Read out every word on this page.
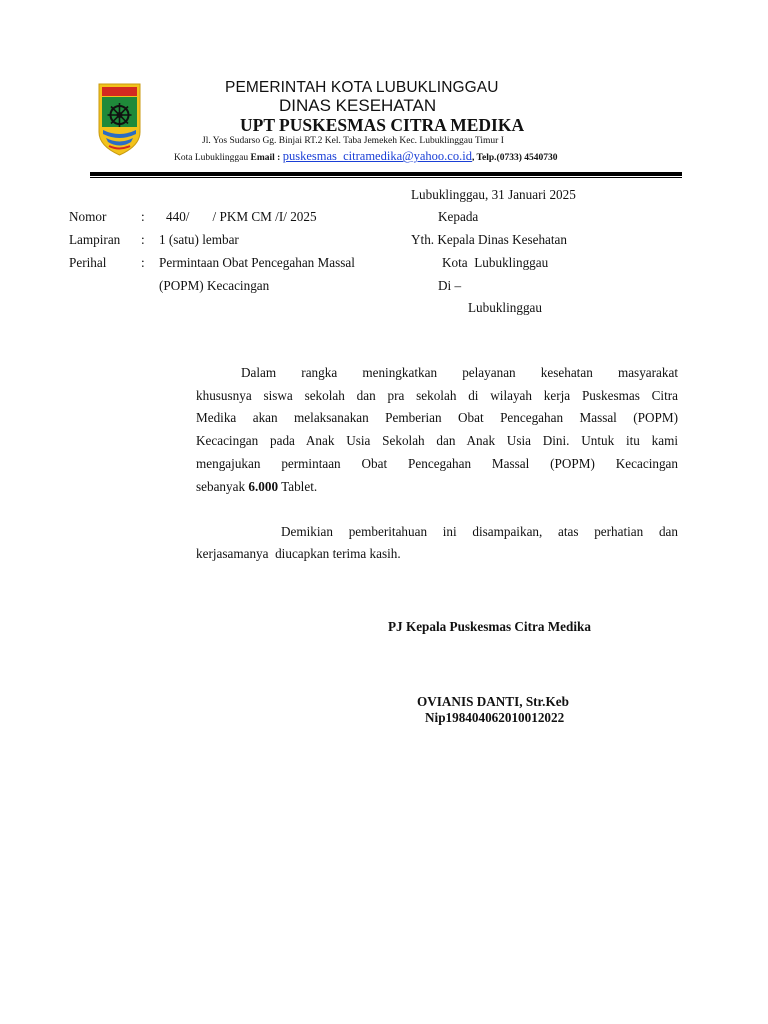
PEMERINTAH KOTA LUBUKLINGGAU
DINAS KESEHATAN
UPT PUSKESMAS CITRA MEDIKA
Jl. Yos Sudarso Gg. Binjai RT.2 Kel. Taba Jemekeh Kec. Lubuklinggau Timur I
Kota Lubuklinggau Email : puskesmas_citramedika@yahoo.co.id, Telp.(0733) 4540730
Lubuklinggau, 31 Januari 2025
Nomor	: 440/       / PKM CM /I/ 2025
Lampiran : 1 (satu) lembar
Perihal	: Permintaan Obat Pencegahan Massal
(POPM) Kecacingan
Kepada
Yth. Kepala Dinas Kesehatan
Kota  Lubuklinggau
Di –
Lubuklinggau
Dalam rangka meningkatkan pelayanan kesehatan masyarakat
khususnya siswa sekolah dan pra sekolah di wilayah kerja Puskesmas Citra
Medika akan melaksanakan Pemberian Obat Pencegahan Massal (POPM)
Kecacingan pada Anak Usia Sekolah dan Anak Usia Dini. Untuk itu kami
mengajukan permintaan Obat Pencegahan Massal (POPM) Kecacingan
sebanyak 6.000 Tablet.
Demikian pemberitahuan ini disampaikan, atas perhatian dan
kerjasamanya  diucapkan terima kasih.
PJ Kepala Puskesmas Citra Medika
OVIANIS DANTI, Str.Keb
Nip198404062010012022
